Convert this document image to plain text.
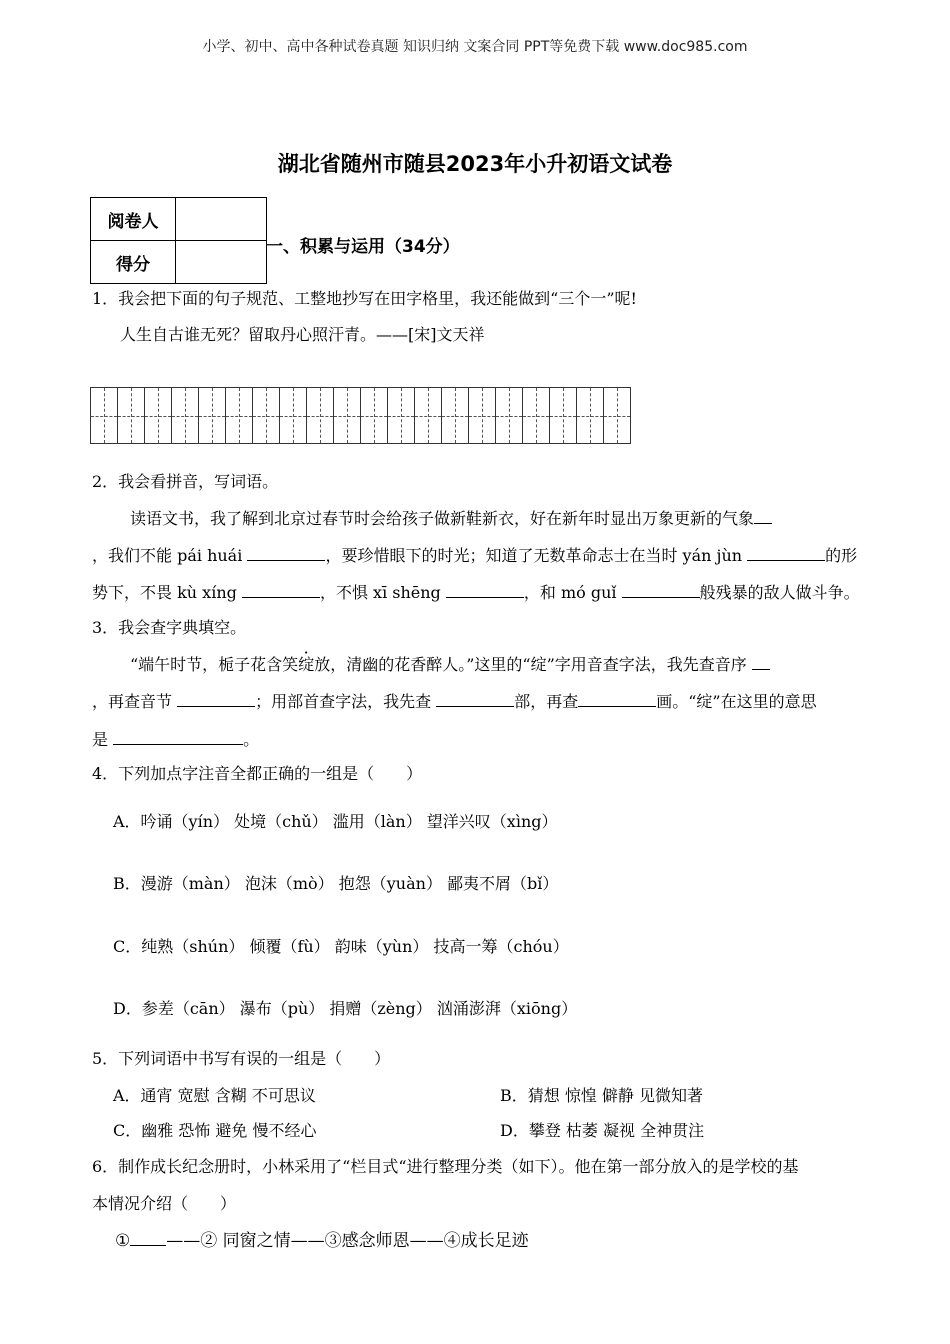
小学、初中、高中各种试卷真题 知识归纳 文案合同 PPT等免费下载 www.doc985.com
湖北省随州市随县2023年小升初语文试卷
阅卷人	
得分	
一、积累与运用（34分）
1．我会把下面的句子规范、工整地抄写在田字格里，我还能做到“三个一”呢!
人生自古谁无死？留取丹心照汗青。——[宋]文天祥
2．我会看拼音，写词语。
读语文书，我了解到北京过春节时会给孩子做新鞋新衣，好在新年时显出万象更新的气象
，我们不能 pái huái	，要珍惜眼下的时光；知道了无数革命志士在当时 yán jùn	的形
势下，不畏 kù xíng	，不惧 xī shēng	，和 mó guǐ	般残暴的敌人做斗争。
3．我会查字典填空。
“端午时节，栀子花含笑绽放，清幽的花香醉人。”这里的“绽”字用音查字法，我先查音序
，再查音节	；用部首查字法，我先查	部，再查	画。“绽”在这里的意思
是	。
4．下列加点字注音全都正确的一组是（　　）
A．吟诵（yín） 处境（chǔ） 滥用（làn） 望洋兴叹（xìng）
B．漫游（màn） 泡沫（mò） 抱怨（yuàn） 鄙夷不屑（bǐ）
C．纯熟（shún） 倾覆（fù） 韵味（yùn） 技高一筹（chóu）
D．参差（cān） 瀑布（pù） 捐赠（zèng） 汹涌澎湃（xiōng）
5．下列词语中书写有误的一组是（　　）
A．通宵 宽慰 含糊 不可思议	B．猜想 惊惶 僻静 见微知著
C．幽雅 恐怖 避免 慢不经心	D．攀登 枯萎 凝视 全神贯注
6．制作成长纪念册时，小林采用了“栏目式“进行整理分类（如下）。他在第一部分放入的是学校的基
本情况介绍（　　）
① ——② 同窗之情——③感念师恩——④成长足迹
